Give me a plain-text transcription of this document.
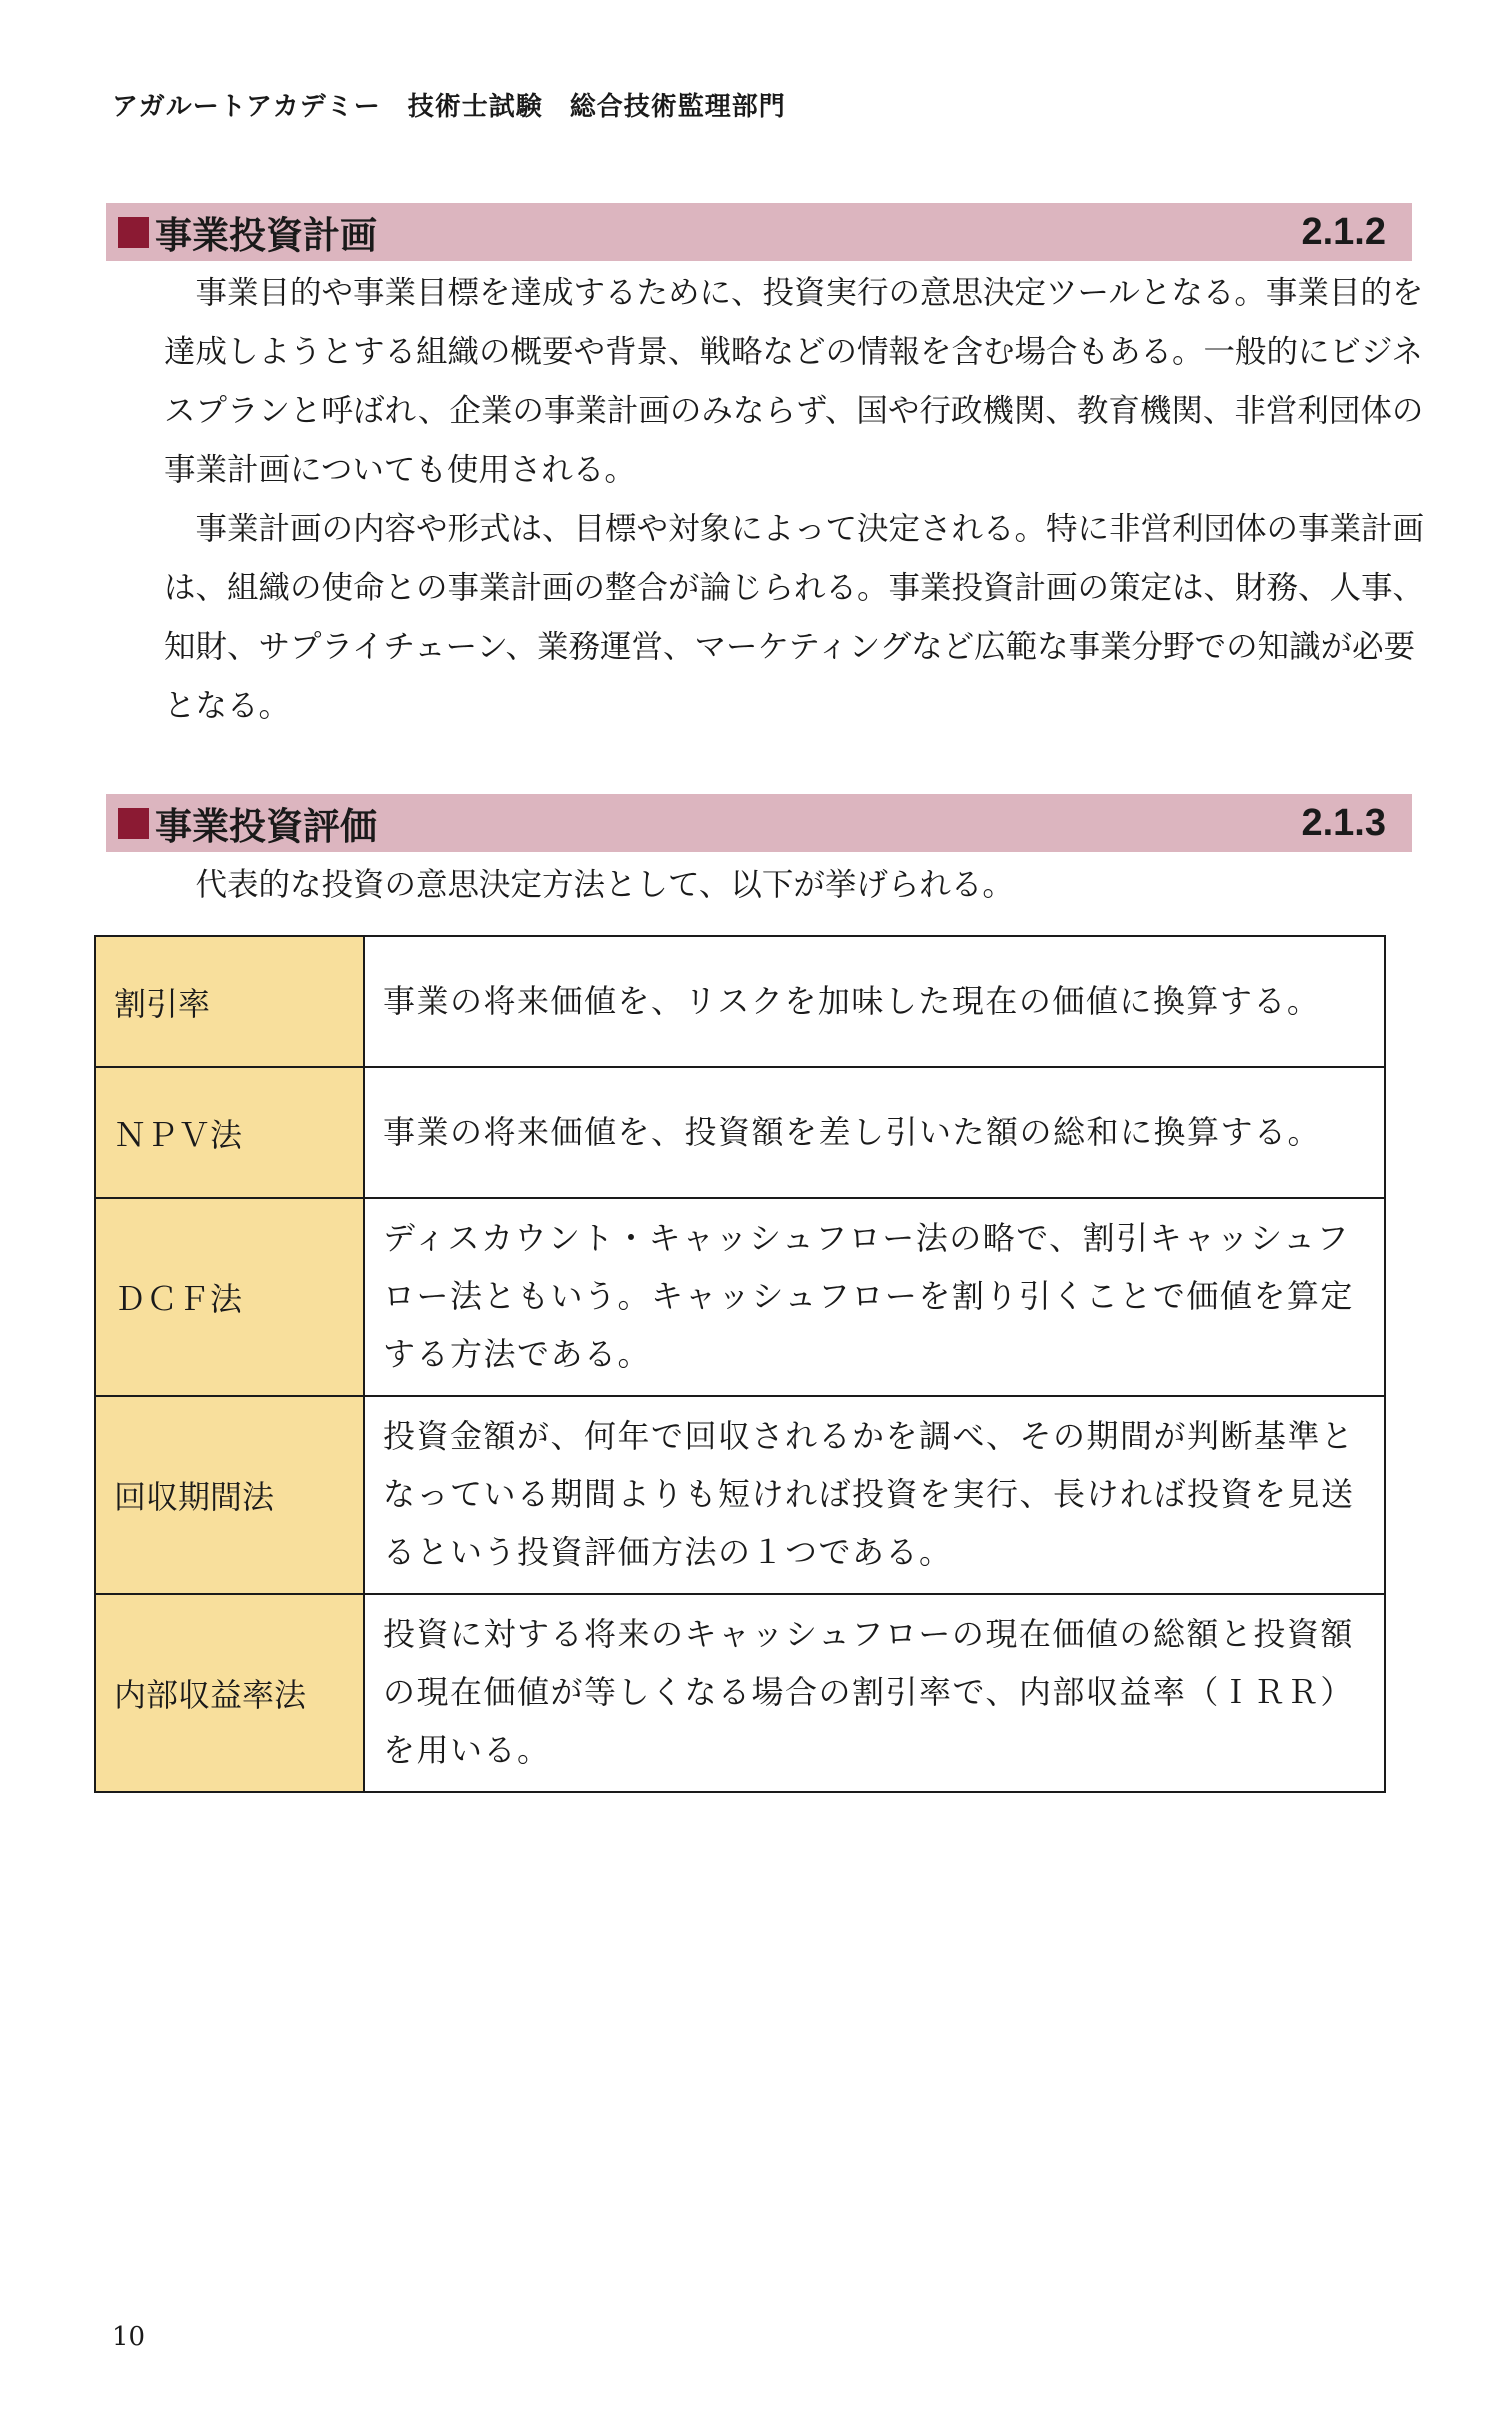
アガルートアカデミー　技術士試験　総合技術監理部門
事業投資計画	2.1.2

事業目的や事業目標を達成するために、投資実行の意思決定ツールとなる。事業目的を達成しようとする組織の概要や背景、戦略などの情報を含む場合もある。一般的にビジネスプランと呼ばれ、企業の事業計画のみならず、国や行政機関、教育機関、非営利団体の事業計画についても使用される。

事業計画の内容や形式は、目標や対象によって決定される。特に非営利団体の事業計画は、組織の使命との事業計画の整合が論じられる。事業投資計画の策定は、財務、人事、知財、サプライチェーン、業務運営、マーケティングなど広範な事業分野での知識が必要となる。

事業投資評価	2.1.3

代表的な投資の意思決定方法として、以下が挙げられる。

割引率	事業の将来価値を、リスクを加味した現在の価値に換算する。
ＮＰＶ法	事業の将来価値を、投資額を差し引いた額の総和に換算する。
ＤＣＦ法	ディスカウント・キャッシュフロー法の略で、割引キャッシュフロー法ともいう。キャッシュフローを割り引くことで価値を算定する方法である。
回収期間法	投資金額が、何年で回収されるかを調べ、その期間が判断基準となっている期間よりも短ければ投資を実行、長ければ投資を見送るという投資評価方法の１つである。
内部収益率法	投資に対する将来のキャッシュフローの現在価値の総額と投資額の現在価値が等しくなる場合の割引率で、内部収益率（ＩＲＲ）を用いる。
10
